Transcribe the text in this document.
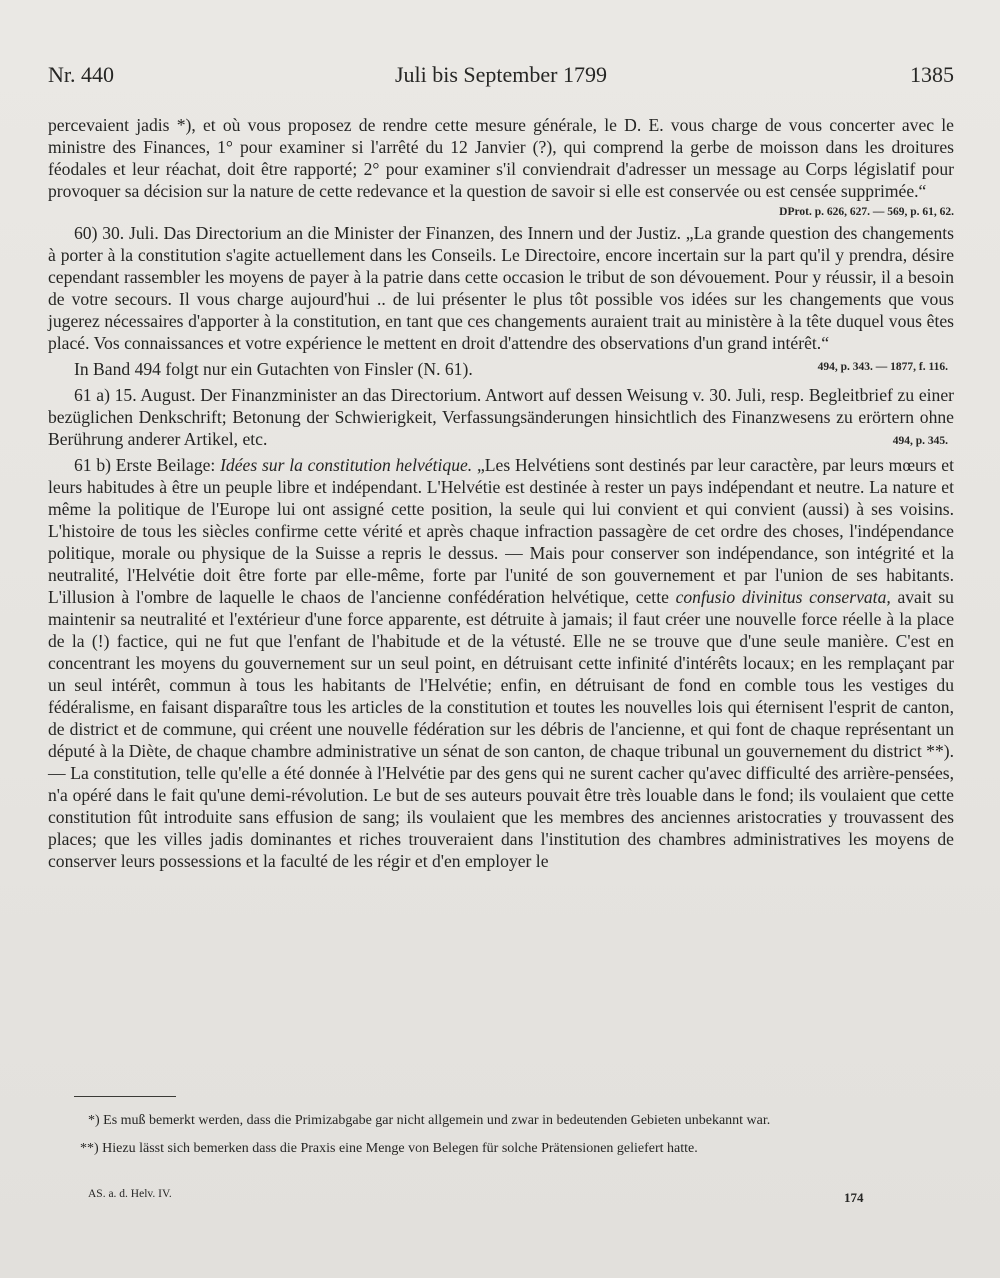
Juli bis September 1799
Nr. 440	1385

percevaient jadis *), et où vous proposez de rendre cette mesure générale, le D. E. vous charge de vous concerter avec le ministre des Finances, 1° pour examiner si l'arrêté du 12 Janvier (?), qui comprend la gerbe de moisson dans les droitures féodales et leur réachat, doit être rapporté; 2° pour examiner s'il conviendrait d'adresser un message au Corps législatif pour provoquer sa décision sur la nature de cette redevance et la question de savoir si elle est conservée ou est censée supprimée.“

DProt. p. 626, 627. — 569, p. 61, 62.

60) 30. Juli. Das Directorium an die Minister der Finanzen, des Innern und der Justiz. „La grande question des changements à porter à la constitution s'agite actuellement dans les Conseils. Le Directoire, encore incertain sur la part qu'il y prendra, désire cependant rassembler les moyens de payer à la patrie dans cette occasion le tribut de son dévouement. Pour y réussir, il a besoin de votre secours. Il vous charge aujourd'hui .. de lui présenter le plus tôt possible vos idées sur les changements que vous jugerez nécessaires d'apporter à la constitution, en tant que ces changements auraient trait au ministère à la tête duquel vous êtes placé. Vos connaissances et votre expérience le mettent en droit d'attendre des observations d'un grand intérêt.“
494, p. 343. — 1877, f. 116.

In Band 494 folgt nur ein Gutachten von Finsler (N. 61).

61 a) 15. August. Der Finanzminister an das Directorium. Antwort auf dessen Weisung v. 30. Juli, resp. Begleitbrief zu einer bezüglichen Denkschrift; Betonung der Schwierigkeit, Verfassungsänderungen hinsichtlich des Finanzwesens zu erörtern ohne Berührung anderer Artikel, etc.	494, p. 345.

61 b) Erste Beilage: Idées sur la constitution helvétique. „Les Helvétiens sont destinés par leur caractère, par leurs mœurs et leurs habitudes à être un peuple libre et indépendant. L'Helvétie est destinée à rester un pays indépendant et neutre. La nature et même la politique de l'Europe lui ont assigné cette position, la seule qui lui convient et qui convient (aussi) à ses voisins. L'histoire de tous les siècles confirme cette vérité et après chaque infraction passagère de cet ordre des choses, l'indépendance politique, morale ou physique de la Suisse a repris le dessus. — Mais pour conserver son indépendance, son intégrité et la neutralité, l'Helvétie doit être forte par elle-même, forte par l'unité de son gouvernement et par l'union de ses habitants. L'illusion à l'ombre de laquelle le chaos de l'ancienne confédération helvétique, cette confusio divinitus conservata, avait su maintenir sa neutralité et l'extérieur d'une force apparente, est détruite à jamais; il faut créer une nouvelle force réelle à la place de la (!) factice, qui ne fut que l'enfant de l'habitude et de la vétusté. Elle ne se trouve que d'une seule manière. C'est en concentrant les moyens du gouvernement sur un seul point, en détruisant cette infinité d'intérêts locaux; en les remplaçant par un seul intérêt, commun à tous les habitants de l'Helvétie; enfin, en détruisant de fond en comble tous les vestiges du fédéralisme, en faisant disparaître tous les articles de la constitution et toutes les nouvelles lois qui éternisent l'esprit de canton, de district et de commune, qui créent une nouvelle fédération sur les débris de l'ancienne, et qui font de chaque représentant un député à la Diète, de chaque chambre administrative un sénat de son canton, de chaque tribunal un gouvernement du district **). — La constitution, telle qu'elle a été donnée à l'Helvétie par des gens qui ne surent cacher qu'avec difficulté des arrière-pensées, n'a opéré dans le fait qu'une demi-révolution. Le but de ses auteurs pouvait être très louable dans le fond; ils voulaient que cette constitution fût introduite sans effusion de sang; ils voulaient que les membres des anciennes aristocraties y trouvassent des places; que les villes jadis dominantes et riches trouveraient dans l'institution des chambres administratives les moyens de conserver leurs possessions et la faculté de les régir et d'en employer le

*) Es muß bemerkt werden, dass die Primizabgabe gar nicht allgemein und zwar in bedeutenden Gebieten unbekannt war.

**) Hiezu lässt sich bemerken dass die Praxis eine Menge von Belegen für solche Prätensionen geliefert hatte.

AS. a. d. Helv. IV.	174
